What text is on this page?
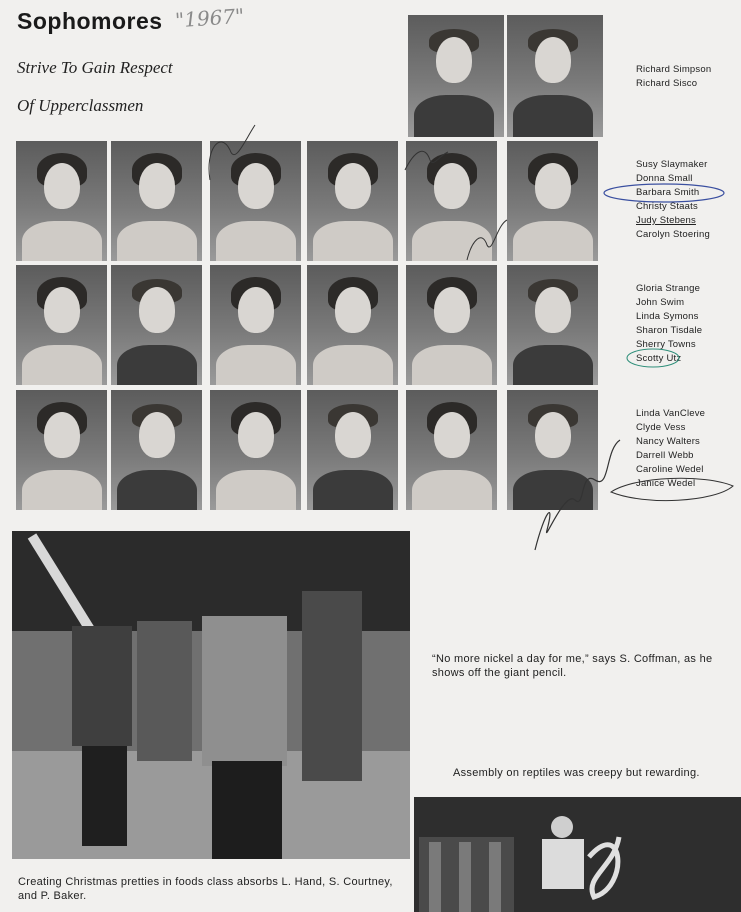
Sophomores "1967"
Strive To Gain Respect
Of Upperclassmen
Richard Simpson
Richard Sisco
Susy Slaymaker
Donna Small
Barbara Smith
Christy Staats
Judy Stebens
Carolyn Stoering
Gloria Strange
John Swim
Linda Symons
Sharon Tisdale
Sherry Towns
Scotty Utz
Linda VanCleve
Clyde Vess
Nancy Walters
Darrell Webb
Caroline Wedel
Janice Wedel
Creating Christmas pretties in foods class absorbs L. Hand, S. Courtney, and P. Baker.
“No more nickel a day for me,” says S. Coffman, as he
shows off the giant pencil.
Assembly on reptiles was creepy but rewarding.
